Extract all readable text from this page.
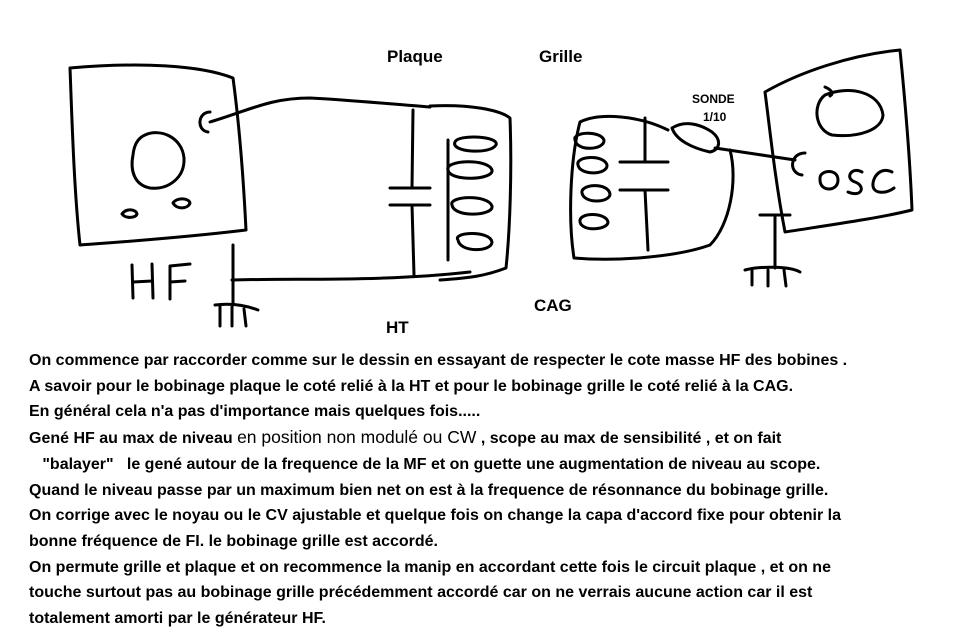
Plaque	Grille
HT
CAG
SONDE
1/10
On commence par raccorder comme sur le dessin en essayant de respecter le cote masse HF des bobines .
A savoir pour le bobinage plaque le coté relié à la HT et pour le bobinage grille le coté relié à la CAG.
En général cela n'a pas d'importance mais quelques fois.....
Gené HF au max de niveau en position non modulé ou CW , scope au max de sensibilité , et on fait
"balayer"   le gené autour de la frequence de la MF et on guette une augmentation de niveau au scope.
Quand le niveau passe par un maximum bien net on est à la frequence de résonnance du bobinage grille.
On corrige avec le noyau ou le CV ajustable et quelque fois on change la capa d'accord fixe pour obtenir la
bonne fréquence de FI. le bobinage grille est accordé.
On permute grille et plaque et on recommence la manip en accordant cette fois le circuit plaque , et on ne
touche surtout pas au bobinage grille précédemment accordé car on ne verrais aucune action car il est
totalement amorti par le générateur HF.
